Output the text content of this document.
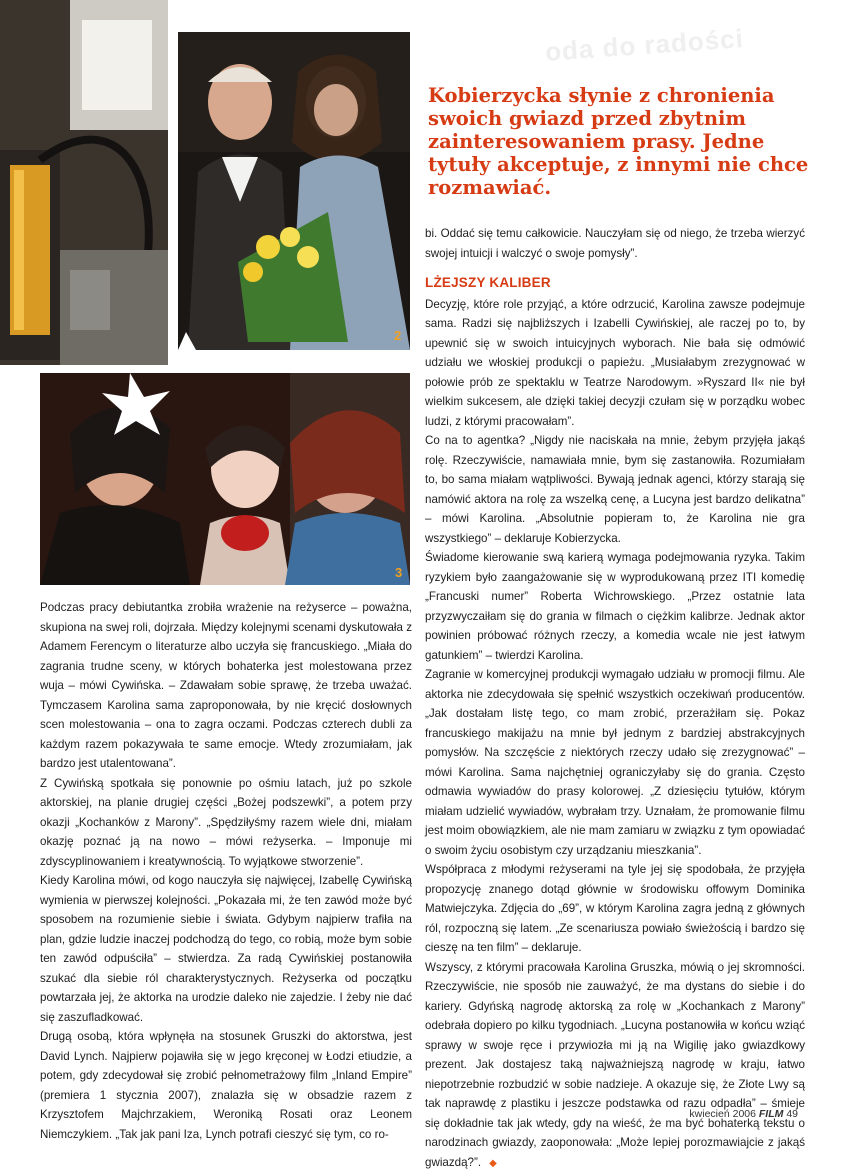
oda do radości
2
3

Kobierzycka słynie z chronienia swoich gwiazd przed zbytnim zainteresowaniem prasy. Jedne tytuły akceptuje, z innymi nie chce rozmawiać.

Podczas pracy debiutantka zrobiła wrażenie na reżyserce – poważna, skupiona na swej roli, dojrzała. Między kolejnymi scenami dyskutowała z Adamem Ferencym o literaturze albo uczyła się francuskiego. „Miała do zagrania trudne sceny, w których bohaterka jest molestowana przez wuja – mówi Cywińska. – Zdawałam sobie sprawę, że trzeba uważać. Tymczasem Karolina sama zaproponowała, by nie kręcić dosłownych scen molestowania – ona to zagra oczami. Podczas czterech dubli za każdym razem pokazywała te same emocje. Wtedy zrozumiałam, jak bardzo jest utalentowana”.

Z Cywińską spotkała się ponownie po ośmiu latach, już po szkole aktorskiej, na planie drugiej części „Bożej podszewki”, a potem przy okazji „Kochanków z Marony”. „Spędziłyśmy razem wiele dni, miałam okazję poznać ją na nowo – mówi reżyserka. – Imponuje mi zdyscyplinowaniem i kreatywnością. To wyjątkowe stworzenie”.

Kiedy Karolina mówi, od kogo nauczyła się najwięcej, Izabellę Cywińską wymienia w pierwszej kolejności. „Pokazała mi, że ten zawód może być sposobem na rozumienie siebie i świata. Gdybym najpierw trafiła na plan, gdzie ludzie inaczej podchodzą do tego, co robią, może bym sobie ten zawód odpuściła” – stwierdza. Za radą Cywińskiej postanowiła szukać dla siebie ról charakterystycznych. Reżyserka od początku powtarzała jej, że aktorka na urodzie daleko nie zajedzie. I żeby nie dać się zaszufladkować.

Drugą osobą, która wpłynęła na stosunek Gruszki do aktorstwa, jest David Lynch. Najpierw pojawiła się w jego kręconej w Łodzi etiudzie, a potem, gdy zdecydował się zrobić pełnometrażowy film „Inland Empire” (premiera 1 stycznia 2007), znalazła się w obsadzie razem z Krzysztofem Majchrzakiem, Weroniką Rosati oraz Leonem Niemczykiem. „Tak jak pani Iza, Lynch potrafi cieszyć się tym, co ro-

bi. Oddać się temu całkowicie. Nauczyłam się od niego, że trzeba wierzyć swojej intuicji i walczyć o swoje pomysły”.

LŻEJSZY KALIBER

Decyzję, które role przyjąć, a które odrzucić, Karolina zawsze podejmuje sama. Radzi się najbliższych i Izabelli Cywińskiej, ale raczej po to, by upewnić się w swoich intuicyjnych wyborach. Nie bała się odmówić udziału we włoskiej produkcji o papieżu. „Musiałabym zrezygnować w połowie prób ze spektaklu w Teatrze Narodowym. »Ryszard II« nie był wielkim sukcesem, ale dzięki takiej decyzji czułam się w porządku wobec ludzi, z którymi pracowałam”.

Co na to agentka? „Nigdy nie naciskała na mnie, żebym przyjęła jakąś rolę. Rzeczywiście, namawiała mnie, bym się zastanowiła. Rozumiałam to, bo sama miałam wątpliwości. Bywają jednak agenci, którzy starają się namówić aktora na rolę za wszelką cenę, a Lucyna jest bardzo delikatna” – mówi Karolina. „Absolutnie popieram to, że Karolina nie gra wszystkiego” – deklaruje Kobierzycka.

Świadome kierowanie swą karierą wymaga podejmowania ryzyka. Takim ryzykiem było zaangażowanie się w wyprodukowaną przez ITI komedię „Francuski numer” Roberta Wichrowskiego. „Przez ostatnie lata przyzwyczaiłam się do grania w filmach o ciężkim kalibrze. Jednak aktor powinien próbować różnych rzeczy, a komedia wcale nie jest łatwym gatunkiem” – twierdzi Karolina.

Zagranie w komercyjnej produkcji wymagało udziału w promocji filmu. Ale aktorka nie zdecydowała się spełnić wszystkich oczekiwań producentów. „Jak dostałam listę tego, co mam zrobić, przerażiłam się. Pokaz francuskiego makijażu na mnie był jednym z bardziej abstrakcyjnych pomysłów. Na szczęście z niektórych rzeczy udało się zrezygnować” – mówi Karolina. Sama najchętniej ograniczyłaby się do grania. Często odmawia wywiadów do prasy kolorowej. „Z dziesięciu tytułów, którym miałam udzielić wywiadów, wybrałam trzy. Uznałam, że promowanie filmu jest moim obowiązkiem, ale nie mam zamiaru w związku z tym opowiadać o swoim życiu osobistym czy urządzaniu mieszkania”.

Współpraca z młodymi reżyserami na tyle jej się spodobała, że przyjęła propozycję znanego dotąd głównie w środowisku offowym Dominika Matwiejczyka. Zdjęcia do „69”, w którym Karolina zagra jedną z głównych ról, rozpoczną się latem. „Ze scenariusza powiało świeżością i bardzo się cieszę na ten film” – deklaruje.

Wszyscy, z którymi pracowała Karolina Gruszka, mówią o jej skromności. Rzeczywiście, nie sposób nie zauważyć, że ma dystans do siebie i do kariery. Gdyńską nagrodę aktorską za rolę w „Kochankach z Marony” odebrała dopiero po kilku tygodniach. „Lucyna postanowiła w końcu wziąć sprawy w swoje ręce i przywiozła mi ją na Wigilię jako gwiazdkowy prezent. Jak dostajesz taką najważniejszą nagrodę w kraju, łatwo niepotrzebnie rozbudzić w sobie nadzieje. A okazuje się, że Złote Lwy są tak naprawdę z plastiku i jeszcze podstawka od razu odpadła” – śmieje się dokładnie tak jak wtedy, gdy na wieść, że ma być bohaterką tekstu o narodzinach gwiazdy, zaoponowała: „Może lepiej porozmawiajcie z jakąś gwiazdą?”. ◆

kwiecień 2006 FILM 49
